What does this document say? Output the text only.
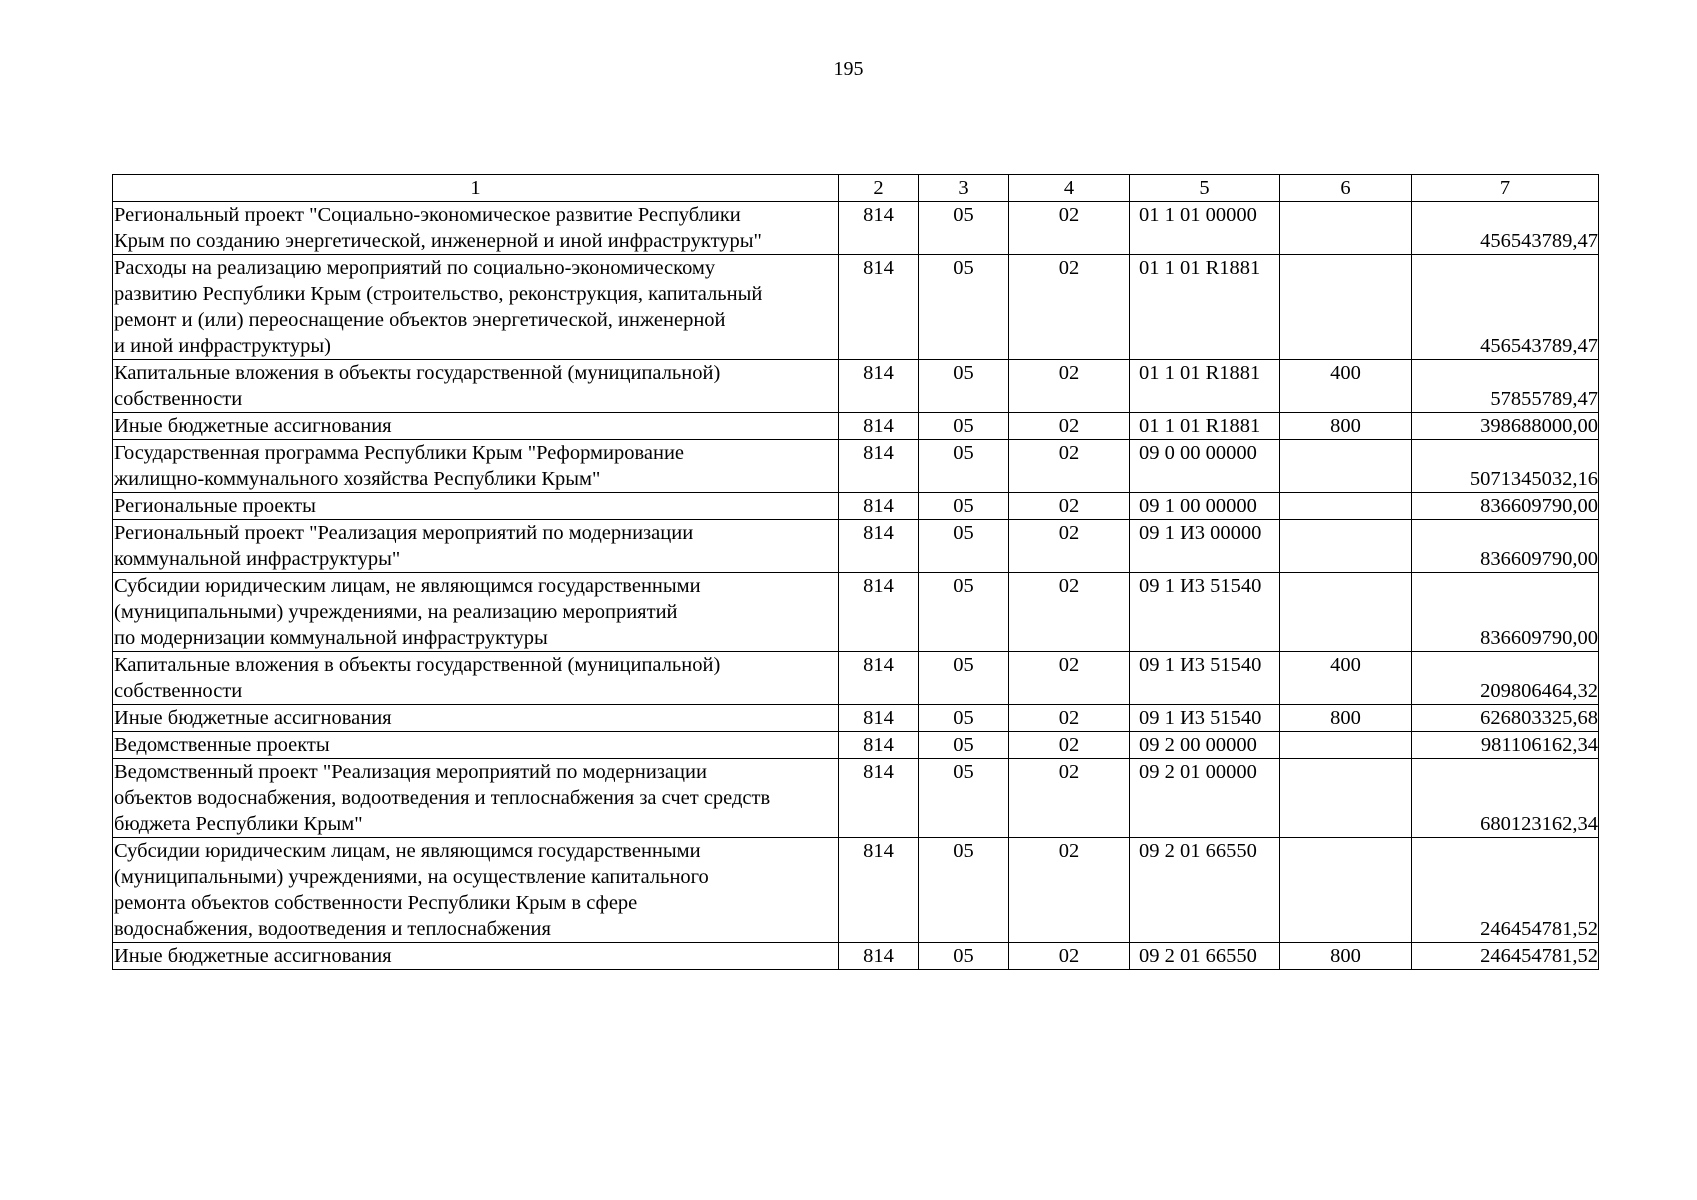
195
1	2	3	4	5	6	7

Региональный проект "Социально-экономическое развитие Республики
Крым по созданию энергетической, инженерной и иной инфраструктуры"	814	05	02	01 1 01 00000		456543789,47

Расходы на реализацию мероприятий по социально-экономическому
развитию Республики Крым (строительство, реконструкция, капитальный
ремонт и (или) переоснащение объектов энергетической, инженерной
и иной инфраструктуры)	814	05	02	01 1 01 R1881		456543789,47

Капитальные вложения в объекты государственной (муниципальной)
собственности	814	05	02	01 1 01 R1881	400	57855789,47

Иные бюджетные ассигнования	814	05	02	01 1 01 R1881	800	398688000,00

Государственная программа Республики Крым "Реформирование
жилищно-коммунального хозяйства Республики Крым"	814	05	02	09 0 00 00000		5071345032,16

Региональные проекты	814	05	02	09 1 00 00000		836609790,00

Региональный проект "Реализация мероприятий по модернизации
коммунальной инфраструктуры"	814	05	02	09 1 И3 00000		836609790,00

Субсидии юридическим лицам, не являющимся государственными
(муниципальными) учреждениями, на реализацию мероприятий
по модернизации коммунальной инфраструктуры	814	05	02	09 1 И3 51540		836609790,00

Капитальные вложения в объекты государственной (муниципальной)
собственности	814	05	02	09 1 И3 51540	400	209806464,32

Иные бюджетные ассигнования	814	05	02	09 1 И3 51540	800	626803325,68

Ведомственные проекты	814	05	02	09 2 00 00000		981106162,34

Ведомственный проект "Реализация мероприятий по модернизации
объектов водоснабжения, водоотведения и теплоснабжения за счет средств
бюджета Республики Крым"	814	05	02	09 2 01 00000		680123162,34

Субсидии юридическим лицам, не являющимся государственными
(муниципальными) учреждениями, на осуществление капитального
ремонта объектов собственности Республики Крым в сфере
водоснабжения, водоотведения и теплоснабжения	814	05	02	09 2 01 66550		246454781,52

Иные бюджетные ассигнования	814	05	02	09 2 01 66550	800	246454781,52
